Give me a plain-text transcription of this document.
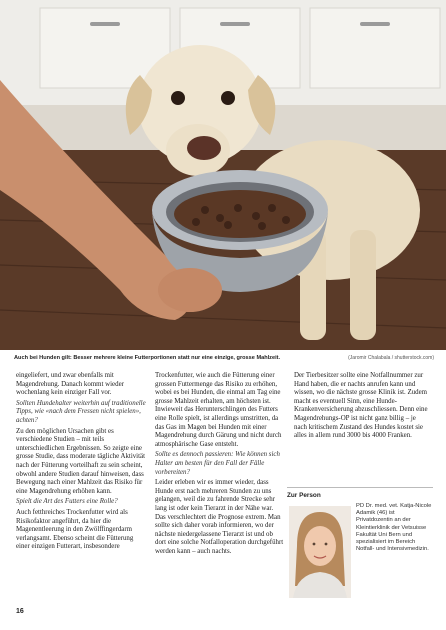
Auch bei Hunden gilt: Besser mehrere kleine Futterportionen statt nur eine einzige, grosse Mahlzeit.	(Jaromir Chalabala / shutterstock.com)

eingeliefert, und zwar ebenfalls mit Magendrehung. Danach kommt wieder wochenlang kein einziger Fall vor.

Sollten Hundehalter weiterhin auf traditionelle Tipps, wie «nach dem Fressen nicht spielen», achten?

Zu den möglichen Ursachen gibt es verschiedene Studien – mit teils unterschiedlichen Ergebnissen. So zeigte eine grosse Studie, dass moderate tägliche Aktivität nach der Fütterung vorteilhaft zu sein scheint, obwohl andere Studien darauf hinweisen, dass Bewegung nach einer Mahlzeit das Risiko für eine Magendrehung erhöhen kann.

Spielt die Art des Futters eine Rolle?

Auch fetthreiches Trockenfutter wird als Risikofaktor angeführt, da hier die Magenentleerung in den Zwölffingerdarm verlangsamt. Ebenso scheint die Fütterung einer einzigen Futterart, insbesondere

Trockenfutter, wie auch die Fütterung einer grossen Futtermenge das Risiko zu erhöhen, wobei es bei Hunden, die einmal am Tag eine grosse Mahlzeit erhalten, am höchsten ist. Inwieweit das Herunterschlingen des Futters eine Rolle spielt, ist allerdings umstritten, da das Gas im Magen bei Hunden mit einer Magendrehung durch Gärung und nicht durch atmosphärische Gase entsteht.

Sollte es dennoch passieren: Wie können sich Halter am besten für den Fall der Fälle vorbereiten?

Leider erleben wir es immer wieder, dass Hunde erst nach mehreren Stunden zu uns gelangen, weil die zu fahrende Strecke sehr lang ist oder kein Tierarzt in der Nähe war. Das verschlechtert die Prognose extrem. Man sollte sich daher vorab informieren, wo der nächste niedergelassene Tierarzt ist und ob dort eine solche Notfalloperation durchgeführt werden kann – auch nachts.

Der Tierbesitzer sollte eine Notfallnummer zur Hand haben, die er nachts anrufen kann und wissen, wo die nächste grosse Klinik ist. Zudem macht es eventuell Sinn, eine Hunde-Krankenversicherung abzuschliessen. Denn eine Magendrehungs-OP ist nicht ganz billig – je nach kritischem Zustand des Hundes kostet sie alles in allem rund 3000 bis 4000 Franken.

Zur Person
PD Dr. med. vet. Katja-Nicole Adamik (46) ist Privatdozentin an der Kleintierklinik der Vetsuisse Fakultät Uni Bern und spezialisiert im Bereich Notfall- und Intensivmedizin.
16
